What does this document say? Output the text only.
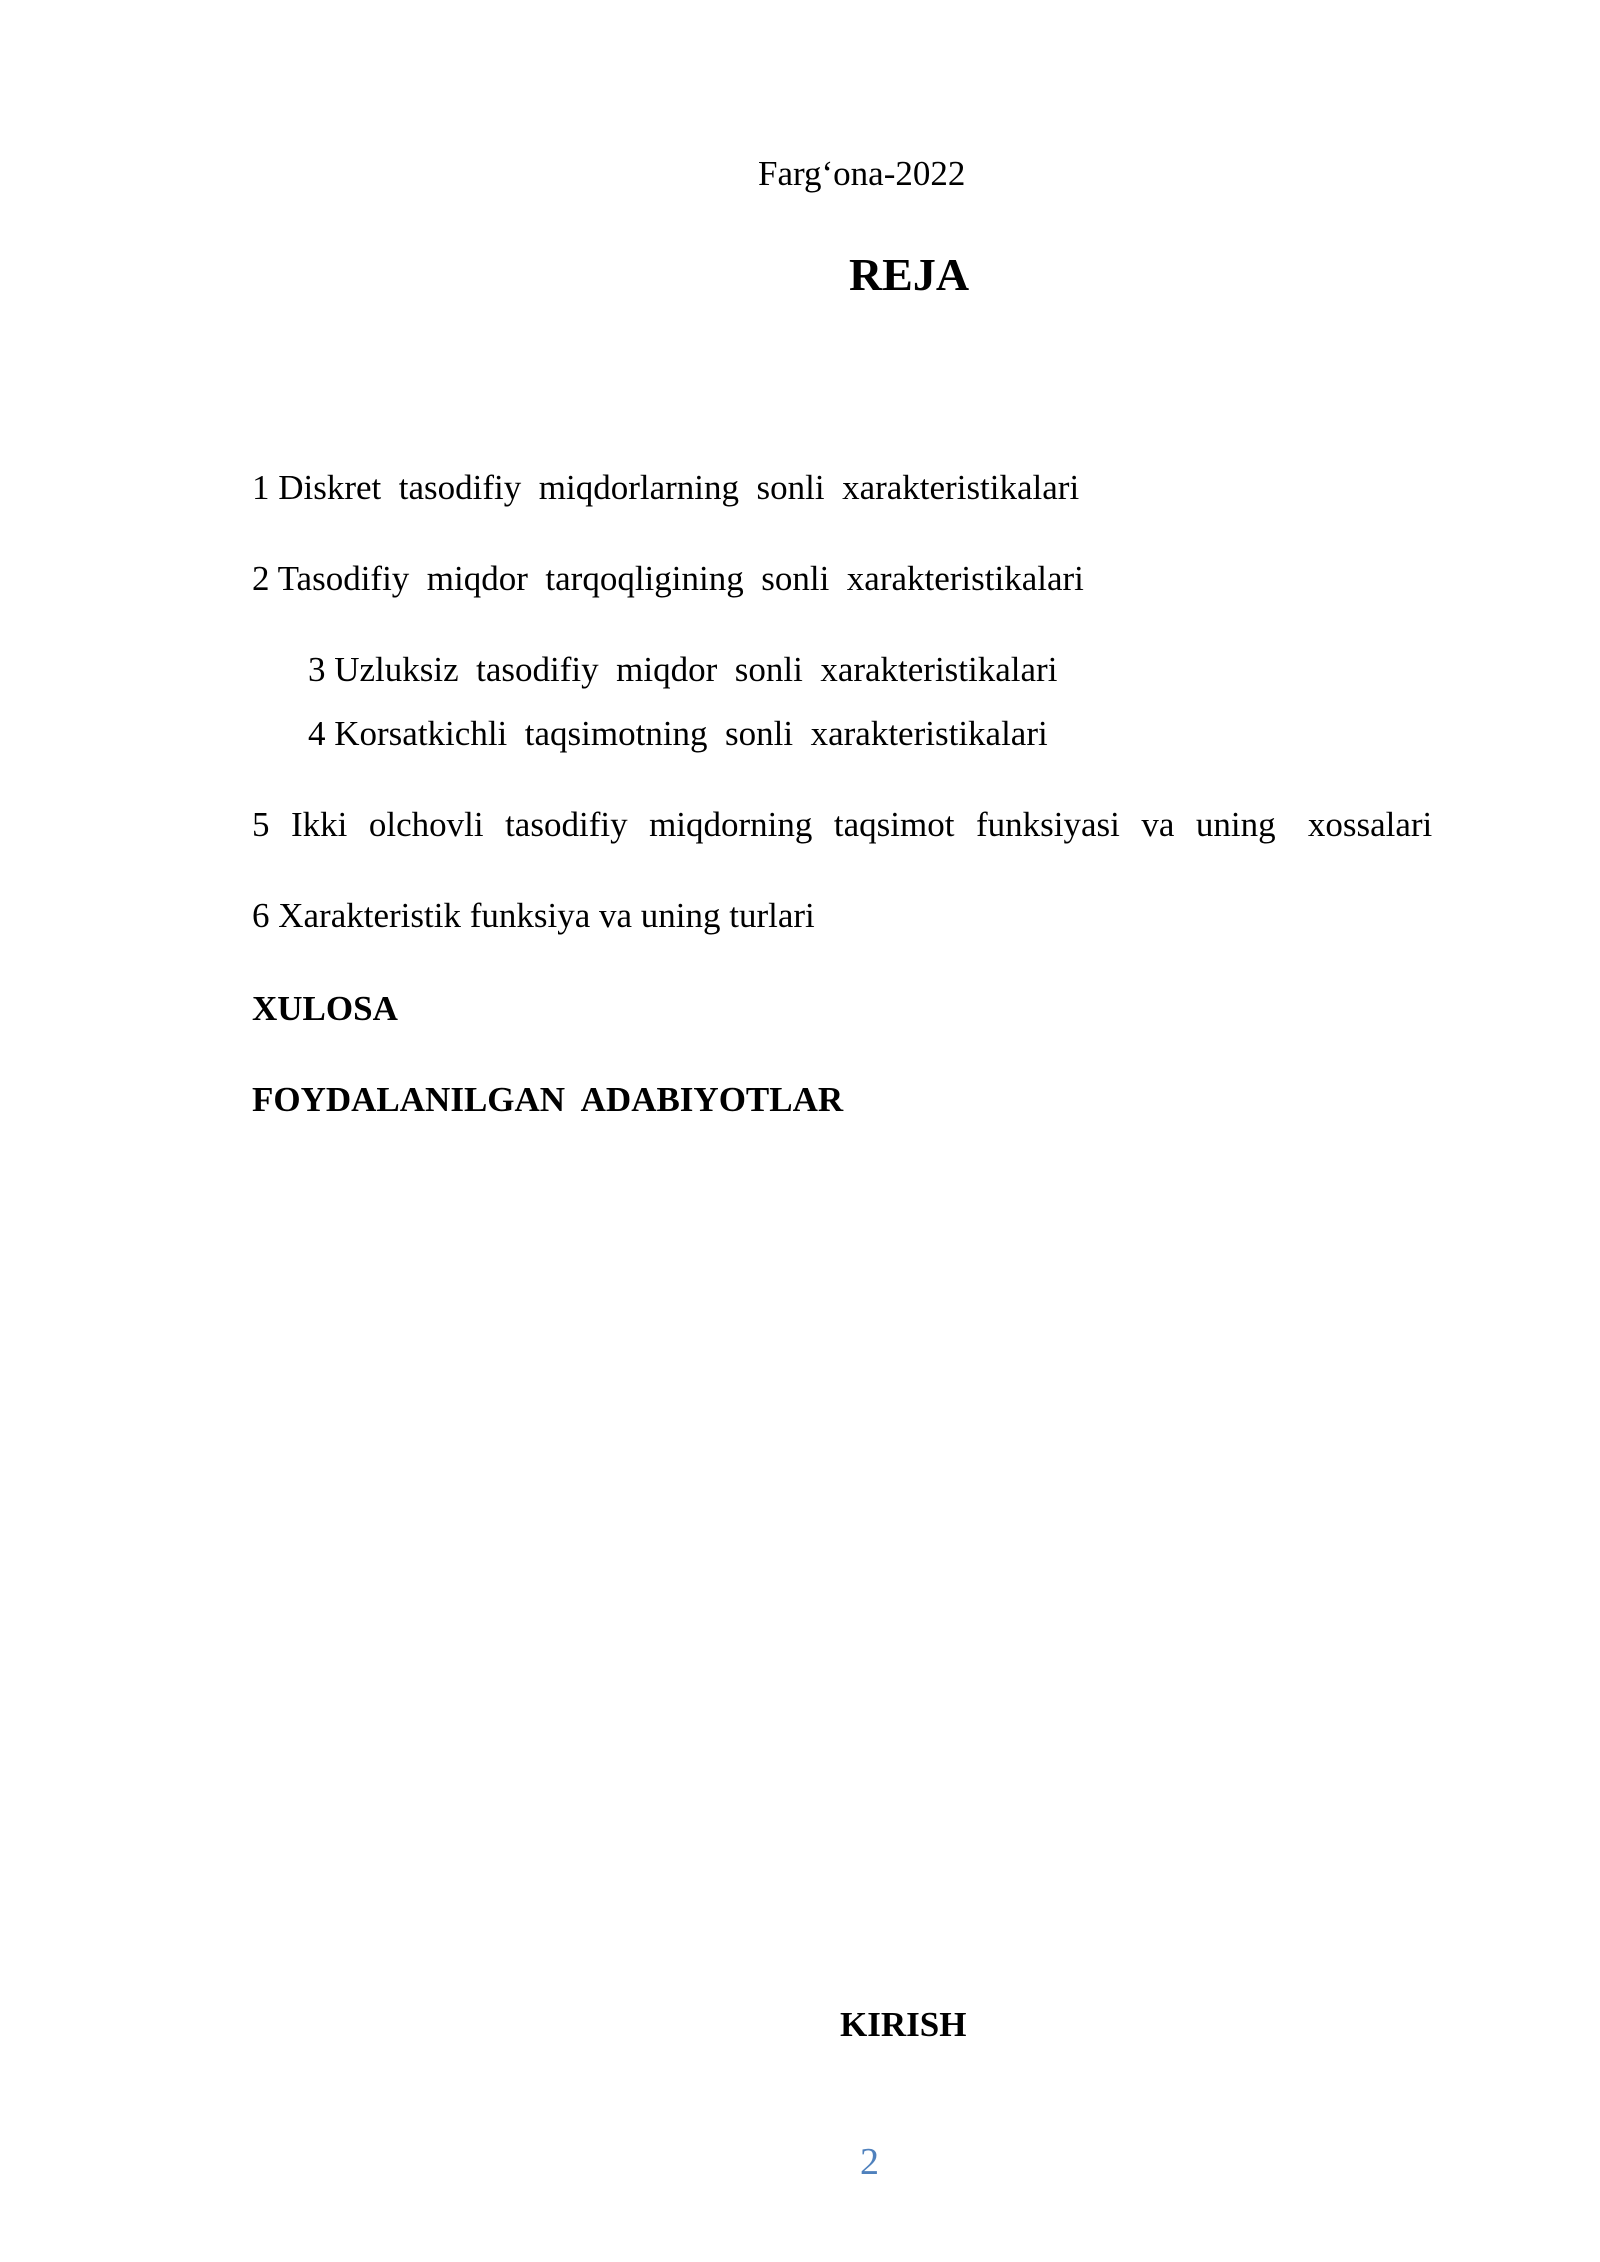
Farg‘ona-2022
REJA
1 Diskret  tasodifiy  miqdorlarning  sonli  xarakteristikalari
2 Tasodifiy  miqdor  tarqoqligining  sonli  xarakteristikalari
3 Uzluksiz  tasodifiy  miqdor  sonli  xarakteristikalari
4 Korsatkichli  taqsimotning  sonli  xarakteristikalari
5  Ikki  olchovli  tasodifiy  miqdorning  taqsimot  funksiyasi  va  uning   xossalari
6 Xarakteristik funksiya va uning turlari
XULOSA
FOYDALANILGAN  ADABIYOTLAR
KIRISH
2
